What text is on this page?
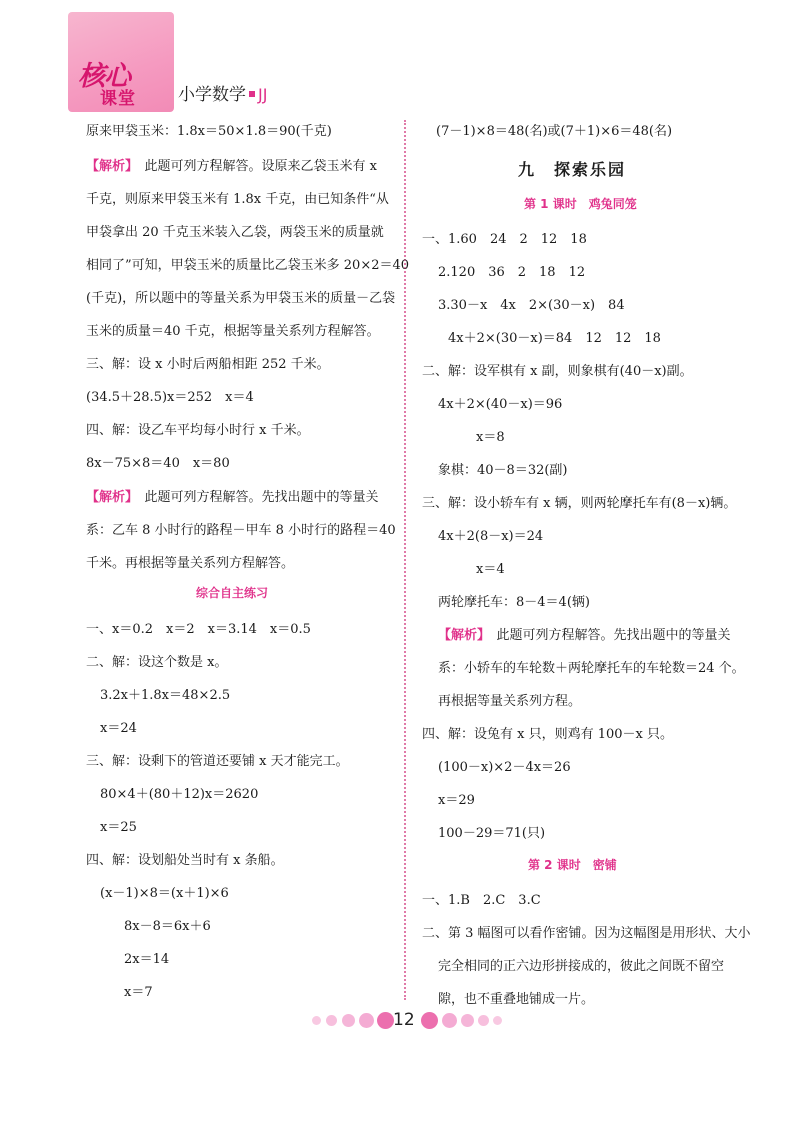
核心
课堂 小学数学 JJ
原来甲袋玉米：1.8x＝50×1.8＝90(千克)
【解析】　 此题可列方程解答。设原来乙袋玉米有 x
千克，则原来甲袋玉米有 1.8x 千克，由已知条件“从
甲袋拿出 20 千克玉米装入乙袋，两袋玉米的质量就
相同了”可知，甲袋玉米的质量比乙袋玉米多 20×2＝40
(千克)，所以题中的等量关系为甲袋玉米的质量－乙袋
玉米的质量＝40 千克，根据等量关系列方程解答。
三、解：设 x 小时后两船相距 252 千米。
(34.5＋28.5)x＝252　x＝4
四、解：设乙车平均每小时行 x 千米。
8x－75×8＝40　x＝80
【解析】　 此题可列方程解答。先找出题中的等量关
系：乙车 8 小时行的路程－甲车 8 小时行的路程＝40
千米。再根据等量关系列方程解答。
综合自主练习
一、x＝0.2　x＝2　x＝3.14　x＝0.5
二、解：设这个数是 x。
3.2x＋1.8x＝48×2.5
x＝24
三、解：设剩下的管道还要铺 x 天才能完工。
80×4＋(80＋12)x＝2620
x＝25
四、解：设划船处当时有 x 条船。
(x－1)×8＝(x＋1)×6
8x－8＝6x＋6
2x＝14
x＝7
(7－1)×8＝48(名)或(7＋1)×6＝48(名)
九　探索乐园
第 1 课时　鸡兔同笼
一、1.60　24　2　12　18
2.120　36　2　18　12
3.30－x　4x　2×(30－x)　84
4x＋2×(30－x)＝84　12　12　18
二、解：设军棋有 x 副，则象棋有(40－x)副。
4x＋2×(40－x)＝96
x＝8
象棋：40－8＝32(副)
三、解：设小轿车有 x 辆，则两轮摩托车有(8－x)辆。
4x＋2(8－x)＝24
x＝4
两轮摩托车：8－4＝4(辆)
【解析】　 此题可列方程解答。先找出题中的等量关
系：小轿车的车轮数＋两轮摩托车的车轮数＝24 个。
再根据等量关系列方程。
四、解：设兔有 x 只，则鸡有 100－x 只。
(100－x)×2－4x＝26
x＝29
100－29＝71(只)
第 2 课时　密铺
一、1.B　2.C　3.C
二、第 3 幅图可以看作密铺。因为这幅图是用形状、大小
完全相同的正六边形拼接成的，彼此之间既不留空
隙，也不重叠地铺成一片。
12
